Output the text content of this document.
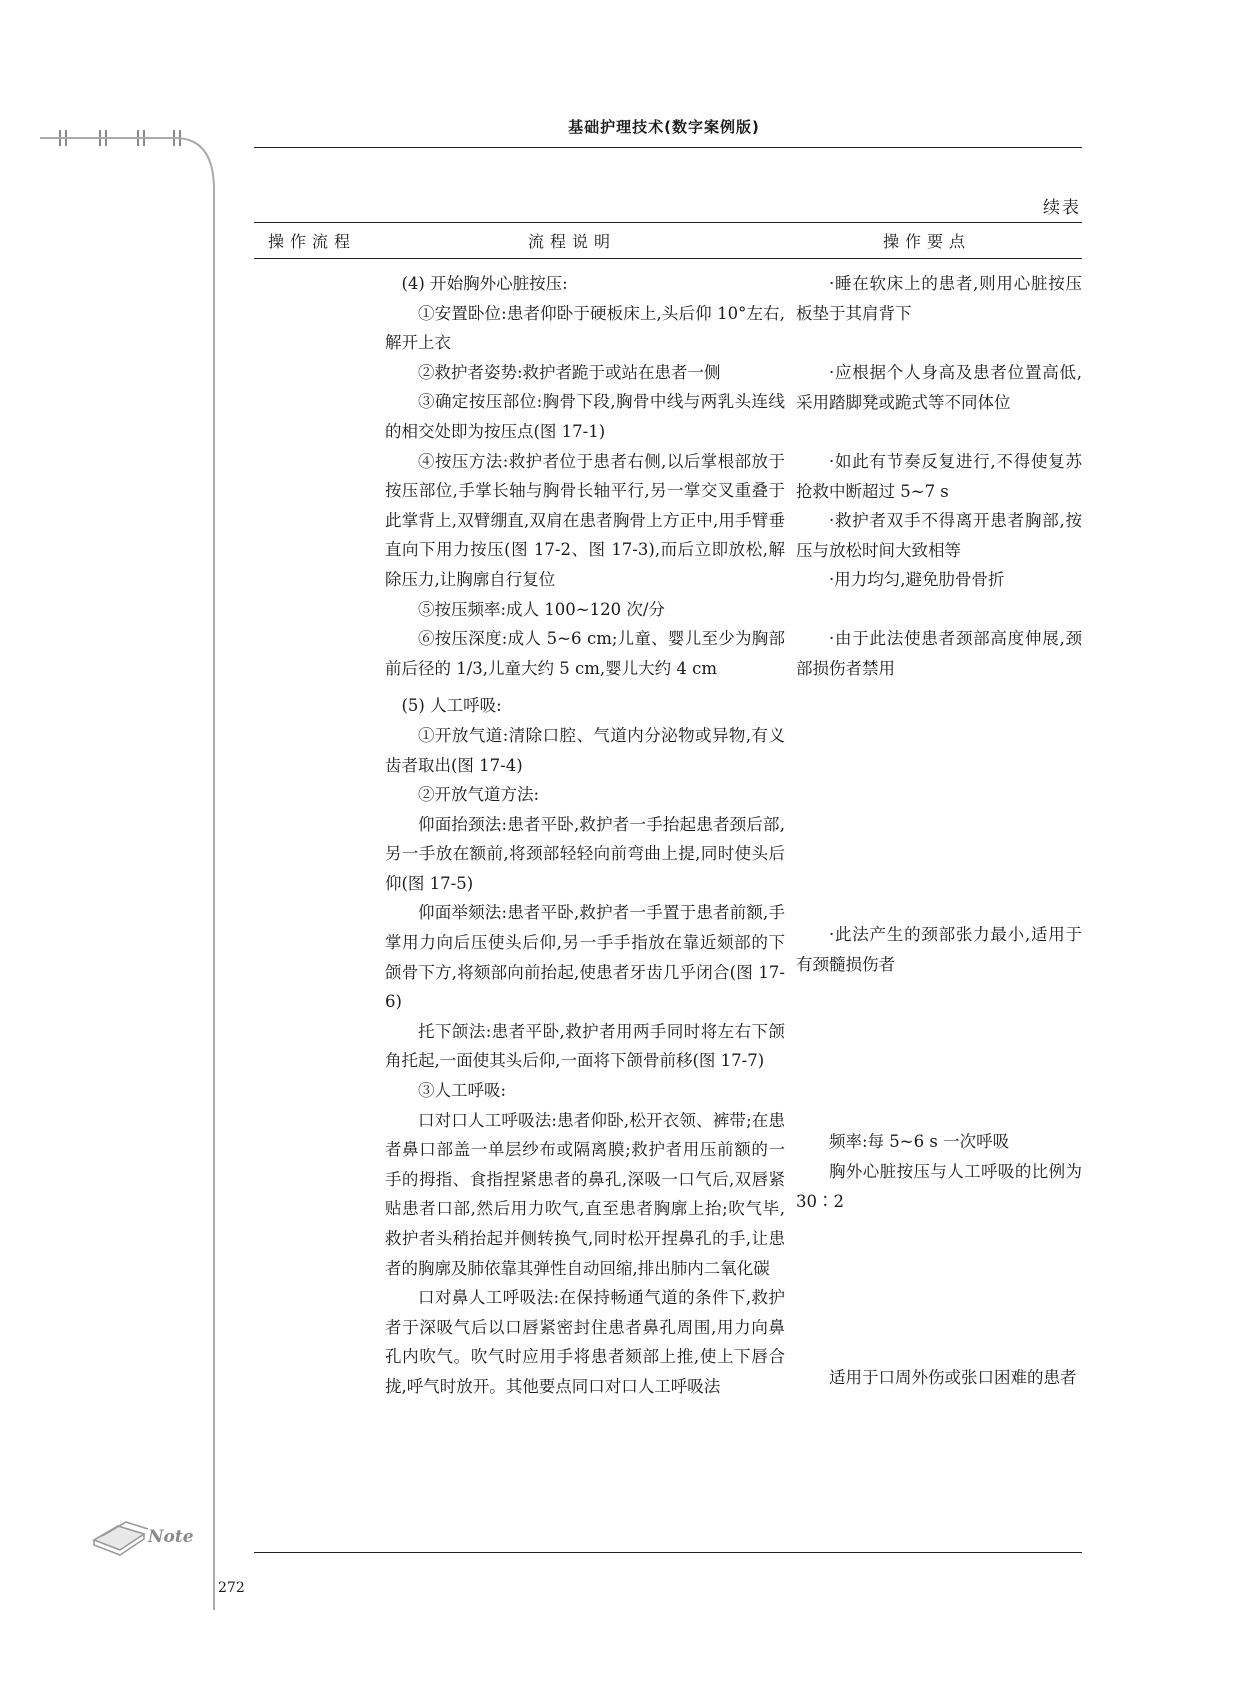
基础护理技术(数字案例版)
续表
操作流程	流程说明	操作要点

(4) 开始胸外心脏按压:

①安置卧位:患者仰卧于硬板床上,头后仰 10°左右,解开上衣

②救护者姿势:救护者跪于或站在患者一侧

③确定按压部位:胸骨下段,胸骨中线与两乳头连线的相交处即为按压点(图 17-1)

④按压方法:救护者位于患者右侧,以后掌根部放于按压部位,手掌长轴与胸骨长轴平行,另一掌交叉重叠于此掌背上,双臂绷直,双肩在患者胸骨上方正中,用手臂垂直向下用力按压(图 17-2、图 17-3),而后立即放松,解除压力,让胸廓自行复位

⑤按压频率:成人 100~120 次/分

⑥按压深度:成人 5~6 cm;儿童、婴儿至少为胸部前后径的 1/3,儿童大约 5 cm,婴儿大约 4 cm

(5) 人工呼吸:

①开放气道:清除口腔、气道内分泌物或异物,有义齿者取出(图 17-4)

②开放气道方法:

仰面抬颈法:患者平卧,救护者一手抬起患者颈后部,另一手放在额前,将颈部轻轻向前弯曲上提,同时使头后仰(图 17-5)

仰面举颏法:患者平卧,救护者一手置于患者前额,手掌用力向后压使头后仰,另一手手指放在靠近颏部的下颌骨下方,将颏部向前抬起,使患者牙齿几乎闭合(图 17-6)

托下颌法:患者平卧,救护者用两手同时将左右下颌角托起,一面使其头后仰,一面将下颌骨前移(图 17-7)

③人工呼吸:

口对口人工呼吸法:患者仰卧,松开衣领、裤带;在患者鼻口部盖一单层纱布或隔离膜;救护者用压前额的一手的拇指、食指捏紧患者的鼻孔,深吸一口气后,双唇紧贴患者口部,然后用力吹气,直至患者胸廓上抬;吹气毕,救护者头稍抬起并侧转换气,同时松开捏鼻孔的手,让患者的胸廓及肺依靠其弹性自动回缩,排出肺内二氧化碳

口对鼻人工呼吸法:在保持畅通气道的条件下,救护者于深吸气后以口唇紧密封住患者鼻孔周围,用力向鼻孔内吹气。吹气时应用手将患者颏部上推,使上下唇合拢,呼气时放开。其他要点同口对口人工呼吸法

·睡在软床上的患者,则用心脏按压板垫于其肩背下

·应根据个人身高及患者位置高低,采用踏脚凳或跪式等不同体位

·如此有节奏反复进行,不得使复苏抢救中断超过 5~7 s

·救护者双手不得离开患者胸部,按压与放松时间大致相等

·用力均匀,避免肋骨骨折

·由于此法使患者颈部高度伸展,颈部损伤者禁用

·此法产生的颈部张力最小,适用于有颈髓损伤者

频率:每 5~6 s 一次呼吸

胸外心脏按压与人工呼吸的比例为 30∶2

适用于口周外伤或张口困难的患者

Note
272
